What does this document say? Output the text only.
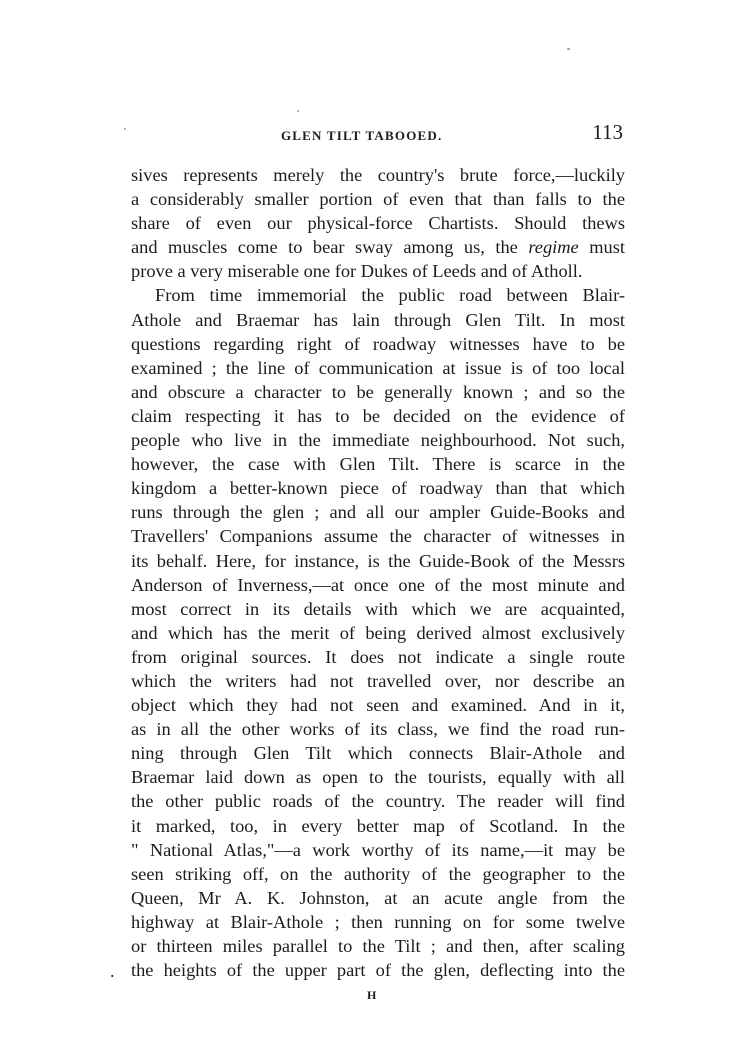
GLEN TILT TABOOED.	113
sives represents merely the country's brute force,—luckily
a considerably smaller portion of even that than falls to the
share of even our physical-force Chartists. Should thews
and muscles come to bear sway among us, the regime must
prove a very miserable one for Dukes of Leeds and of Atholl.
From time immemorial the public road between Blair-
Athole and Braemar has lain through Glen Tilt. In most
questions regarding right of roadway witnesses have to be
examined ; the line of communication at issue is of too local
and obscure a character to be generally known ; and so the
claim respecting it has to be decided on the evidence of
people who live in the immediate neighbourhood. Not such,
however, the case with Glen Tilt. There is scarce in the
kingdom a better-known piece of roadway than that which
runs through the glen ; and all our ampler Guide-Books and
Travellers' Companions assume the character of witnesses in
its behalf. Here, for instance, is the Guide-Book of the Messrs
Anderson of Inverness,—at once one of the most minute and
most correct in its details with which we are acquainted,
and which has the merit of being derived almost exclusively
from original sources. It does not indicate a single route
which the writers had not travelled over, nor describe an
object which they had not seen and examined. And in it,
as in all the other works of its class, we find the road run-
ning through Glen Tilt which connects Blair-Athole and
Braemar laid down as open to the tourists, equally with all
the other public roads of the country. The reader will find
it marked, too, in every better map of Scotland. In the
" National Atlas,"—a work worthy of its name,—it may be
seen striking off, on the authority of the geographer to the
Queen, Mr A. K. Johnston, at an acute angle from the
highway at Blair-Athole ; then running on for some twelve
or thirteen miles parallel to the Tilt ; and then, after scaling
the heights of the upper part of the glen, deflecting into the
.
H
